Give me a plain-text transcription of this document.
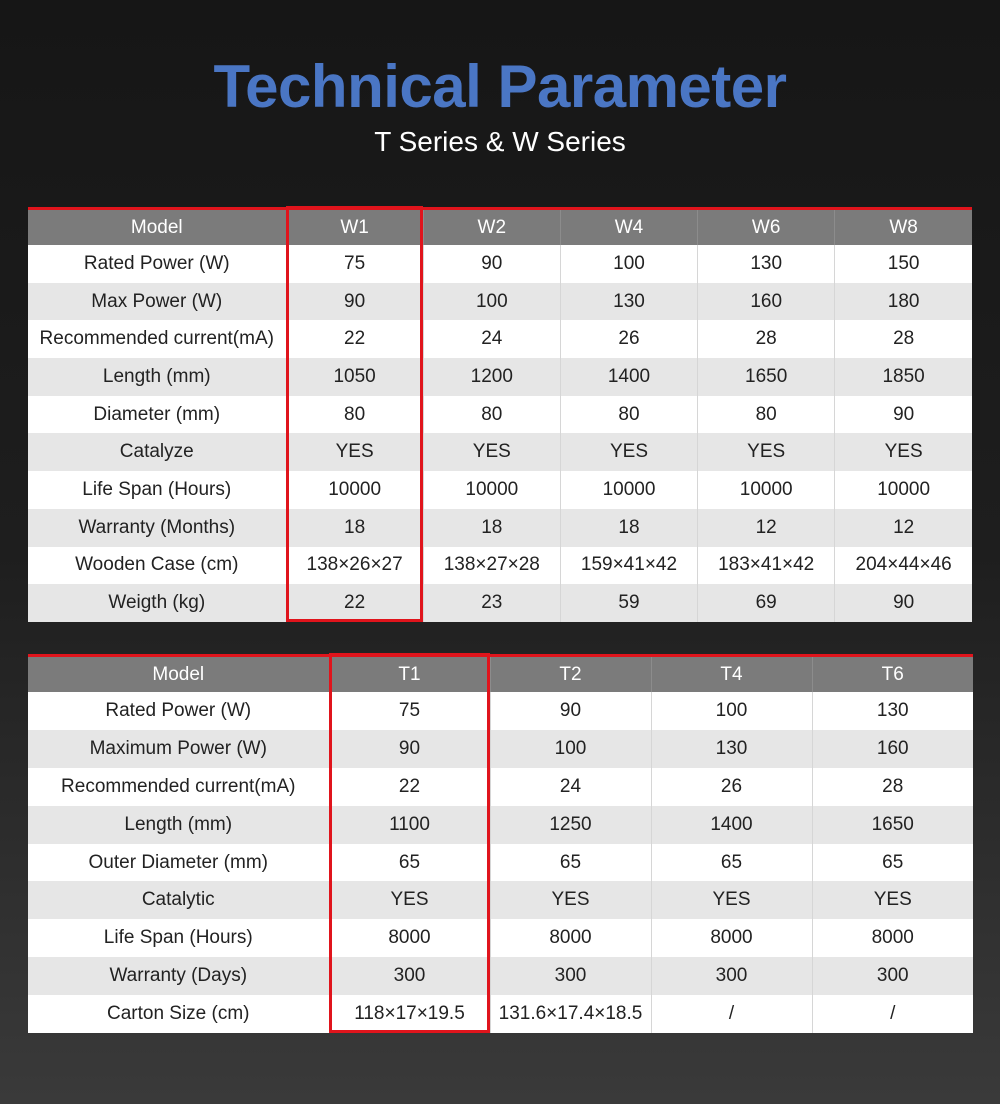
Technical Parameter
T Series & W Series
Model	W1	W2	W4	W6	W8
Rated Power (W)	75	90	100	130	150
Max Power (W)	90	100	130	160	180
Recommended current(mA)	22	24	26	28	28
Length (mm)	1050	1200	1400	1650	1850
Diameter (mm)	80	80	80	80	90
Catalyze	YES	YES	YES	YES	YES
Life Span (Hours)	10000	10000	10000	10000	10000
Warranty (Months)	18	18	18	12	12
Wooden Case (cm)	138×26×27	138×27×28	159×41×42	183×41×42	204×44×46
Weigth (kg)	22	23	59	69	90
Model	T1	T2	T4	T6
Rated Power (W)	75	90	100	130
Maximum Power (W)	90	100	130	160
Recommended current(mA)	22	24	26	28
Length (mm)	1100	1250	1400	1650
Outer Diameter (mm)	65	65	65	65
Catalytic	YES	YES	YES	YES
Life Span (Hours)	8000	8000	8000	8000
Warranty (Days)	300	300	300	300
Carton Size (cm)	118×17×19.5	131.6×17.4×18.5	/	/
